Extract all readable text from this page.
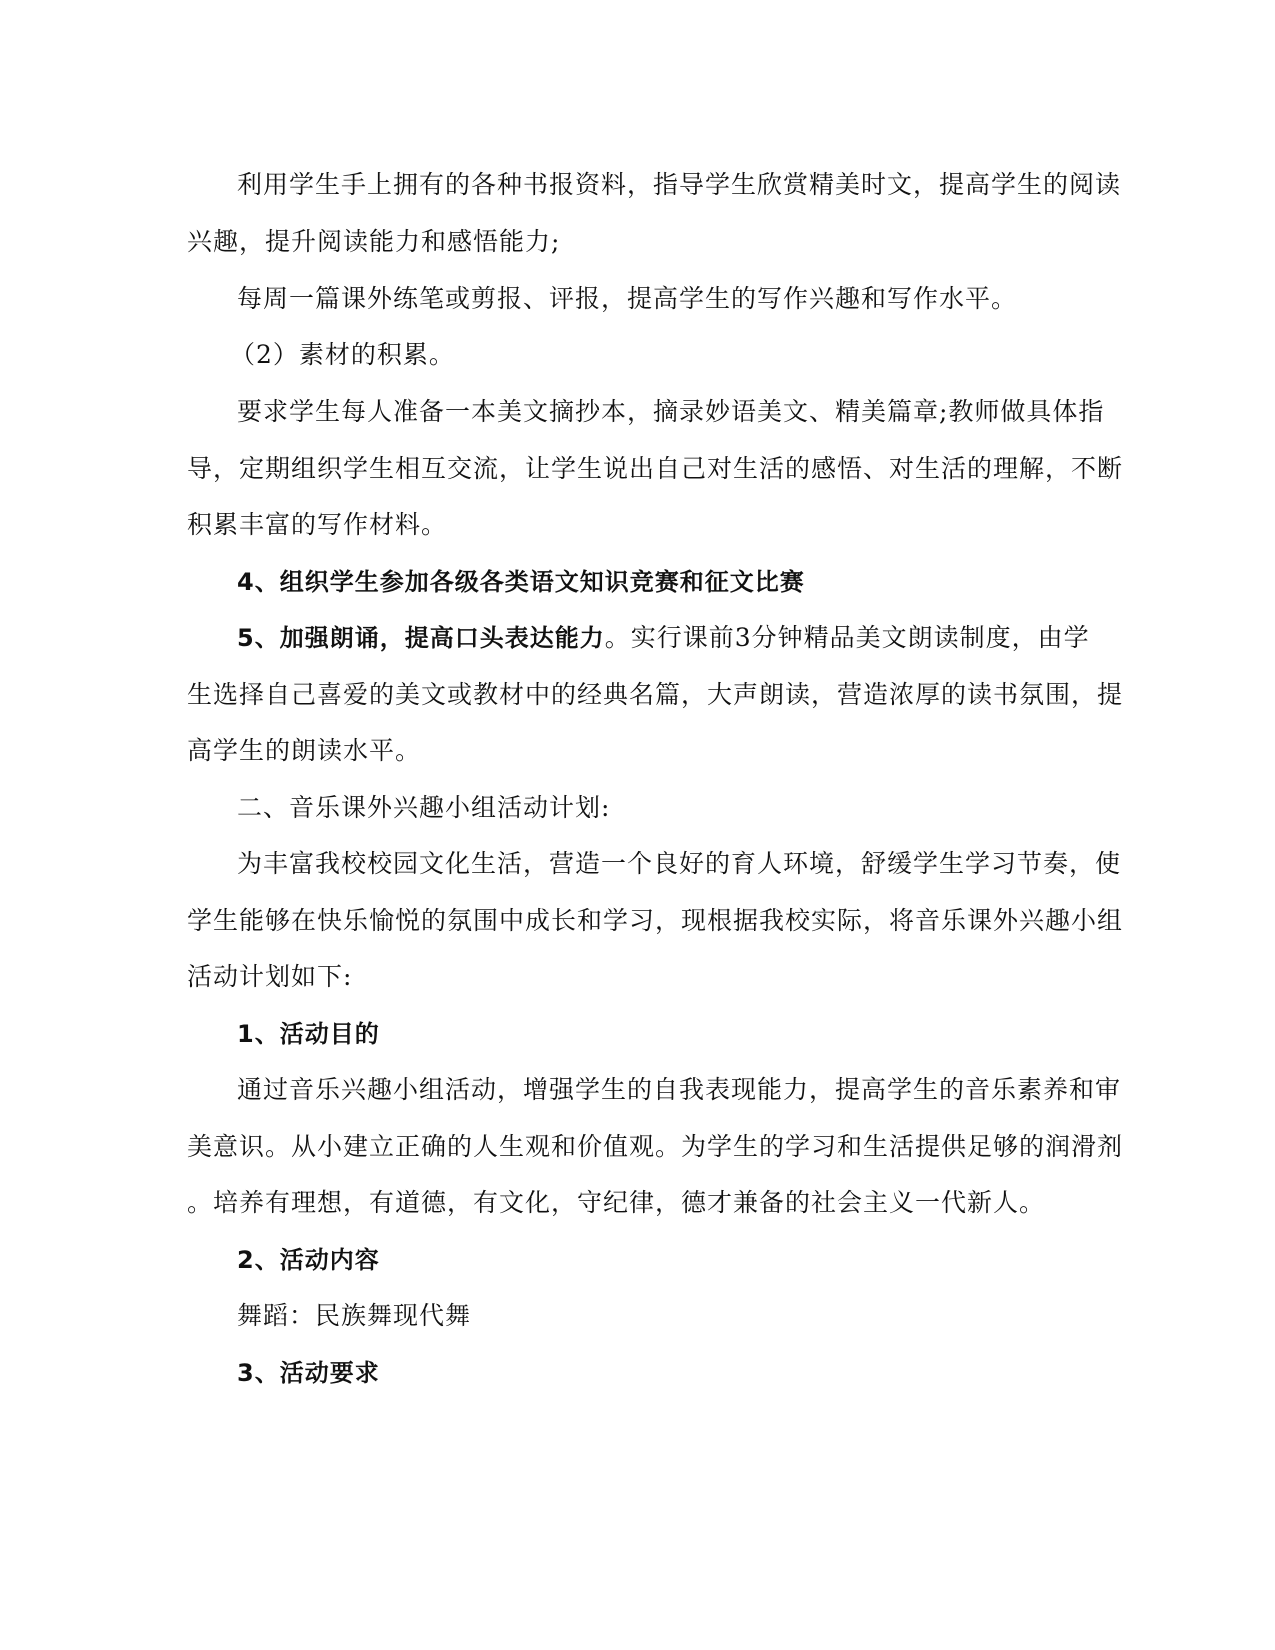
利用学生手上拥有的各种书报资料，指导学生欣赏精美时文，提高学生的阅读
兴趣，提升阅读能力和感悟能力;
每周一篇课外练笔或剪报、评报，提高学生的写作兴趣和写作水平。
（2）素材的积累。
要求学生每人准备一本美文摘抄本，摘录妙语美文、精美篇章;教师做具体指
导，定期组织学生相互交流，让学生说出自己对生活的感悟、对生活的理解，不断
积累丰富的写作材料。
4、组织学生参加各级各类语文知识竞赛和征文比赛
5、加强朗诵，提高口头表达能力。实行课前3分钟精品美文朗读制度，由学
生选择自己喜爱的美文或教材中的经典名篇，大声朗读，营造浓厚的读书氛围，提
高学生的朗读水平。
二、音乐课外兴趣小组活动计划:
为丰富我校校园文化生活，营造一个良好的育人环境，舒缓学生学习节奏，使
学生能够在快乐愉悦的氛围中成长和学习，现根据我校实际，将音乐课外兴趣小组
活动计划如下:
1、活动目的
通过音乐兴趣小组活动，增强学生的自我表现能力，提高学生的音乐素养和审
美意识。从小建立正确的人生观和价值观。为学生的学习和生活提供足够的润滑剂
。培养有理想，有道德，有文化，守纪律，德才兼备的社会主义一代新人。
2、活动内容
舞蹈：民族舞现代舞
3、活动要求
